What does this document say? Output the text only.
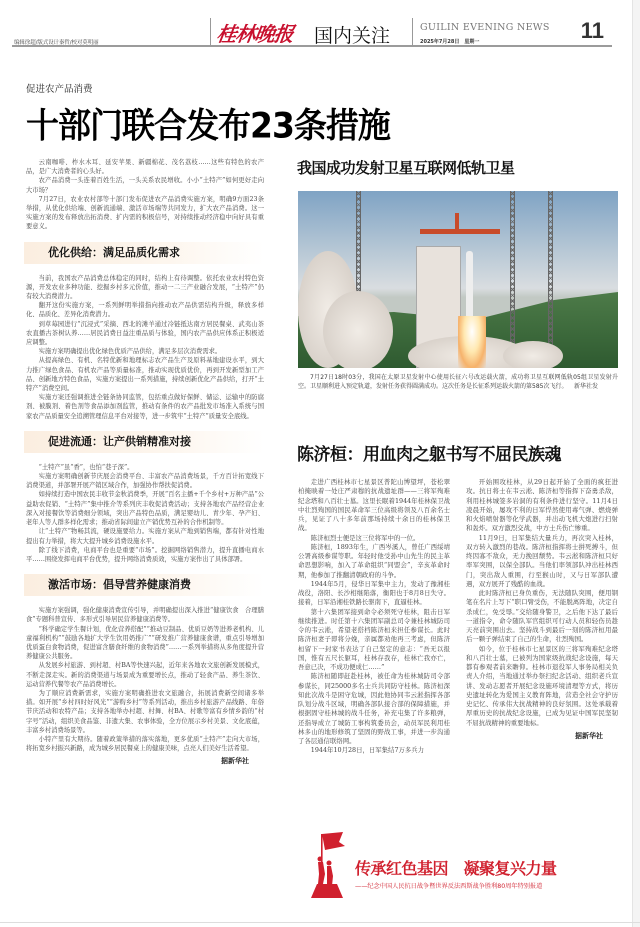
编辑徐超/版式设计秦哲/校对莫明丽	桂林晚报 国内关注	GUILIN EVENING NEWS
2025年7月28日　星期一	11
促进农产品消费
十部门联合发布23条措施

云南咖啡、柞水木耳、延安苹果、新疆棉花、茂名荔枝……这些有特色的农产品，是广大消费者的心头好。

农产品消费一头连着百姓生活，一头关系农民增收。小小“土特产”如何更好走向大市场？

7月27日，农业农村部等十部门发布促进农产品消费实施方案，明确9方面23条举措，从优化供给端、创新流通端、激活市场端等共同发力，扩大农产品消费。这一实施方案的发布释放出拓消费、扩内需的积极信号，对持续推动经济稳中向好具有重要意义。

优化供给：满足品质化需求

当前，我国农产品消费总体稳定的同时，结构上有待调整。依托农业农村特色资源，开发农业多种功能、挖掘乡村多元价值，推动一二三产业融合发展，“土特产”仍有较大消费潜力。

翻开这份实施方案，一系列鲜明举措指向推动农产品供需结构升级，释放多样化、品质化、差异化消费潜力。

到草莓园进行“沉浸式”采摘、西北的滩羊通过冷链抵达南方居民餐桌、武夷山茶农直播古茶树认养……居民消费日益注重品质与体验，国内农产品供应体系正积极适应调整。

实施方案明确提出优化绿色优质产品供给，满足多层次消费需求。

从提高绿色、有机、名特优新和地理标志农产品生产及原料基地建设水平，到大力推广绿色食品、有机农产品等质量标准，推动实现优质优价，再到开发新型加工产品、创新地方特色食品，实施方案提出一系列措施，持续创新优化产品供给，打开“土特产”消费空间。

实施方案还强调推进全链条协同监管，包括重点做好保鲜、储运、运输中的防腐剂、被膜剂、着色剂等食品添加剂监管，推动有条件的农产品批发市场准入系统与国家农产品质量安全追溯管理信息平台对接等，进一步筑牢“土特产”质量安全底线。

促进流通：让产供销精准对接

“土特产”虽“香”，也怕“巷子深”。

实施方案明确创新节庆展会消费平台、丰富农产品消费场景，千方百计拓宽线下消费渠道，并部署开展产销区域合作，加强协作帮扶促消费。

如持续打造中国农民丰收节金秋消费季，开展“百名主播+千个乡村+万种产品”公益助农促销、“土特产”集中推介等系列庆丰收促消费活动；支持各地农产品经营企业深入对接餐饮等消费细分领域，突出产品特色品质，满足婴幼儿、青少年、孕产妇、老年人等人群多样化需求；推动省际间建立产销优势互补的合作机制等。

让“土特产”物畅其流，硬设施要给力。实施方案从产地到销售端，都有针对性地提出有力举措，将大大提升城乡消费设施水平。

除了线下消费，电商平台也是重要“市场”。挖掘网络销售潜力，提升直播电商水平……围绕发挥电商平台优势，提升网络消费质效，实施方案作出了具体部署。

激活市场：倡导营养健康消费

实施方案强调，强化健康消费宣传引导，并明确提出深入推进“健康饮食　合理膳食”专题科普宣传、多形式引导居民营养健康消费等。

“科学确定学生餐计划，优化营养搭配”“推动豆制品、优质豆奶等进养老机构、儿童福利机构”“鼓励各地扩大学生饮用奶推广”“研发推广营养健康食谱，重点引导增加优质蛋白食物消费，促进富含膳食纤维的食物消费”……一系列举措将从多角度提升营养健康公共服务。

从发展乡村旅游、到村超、村BA等快速兴起，近年来各地农文旅创新发展模式，不断走深走实。新的消费渠道与场景成为重要增长点，推动了轻食产品、养生茶饮、运动营养代餐等农产品消费增长。

为了顺应消费新需求，实施方案明确推进农文旅融合，拓展消费新空间诸多举措。如开展“乡村四时好风光”“游购乡村”等系列活动，推出乡村旅游产品线路、年俗节庆活动和农特产品；支持各地举办村超、村舞、村BA、村歌等富有乡情乡韵的“村字号”活动，组织美食品鉴、非遗大集、农事体验，全方位展示乡村美景、文化底蕴，丰富乡村消费场景等。

小特产里有大期待。随着政策举措的落实落地，更多优质“土特产”走向大市场，将拓宽乡村振兴新路，成为城乡居民餐桌上的健康美味，点亮人们美好生活希望。

据新华社

我国成功发射卫星互联网低轨卫星
7月27日18时03分，我国在太原卫星发射中心使用长征六号改运载火箭，成功将卫星互联网低轨05组卫星发射升空。卫星顺利进入预定轨道，发射任务获得圆满成功。这次任务是长征系列运载火箭的第585次飞行。	新华社发
陈济桓：用血肉之躯书写不屈民族魂

走进广西桂林市七星景区普陀山博望坪，苍松翠柏掩映着一处庄严肃穆的抗战遗址群——三将军殉难纪念塔和八百壮士墓。这里长眠着1944年桂林保卫战中壮烈殉国的国民革命军三位高级将领及八百余名士兵，见证了八十多年前那场持续十余日的桂林保卫战。

陈济桓烈士便是这三位将军中的一位。

陈济桓，1893年生，广西岑溪人，曾任广西绥靖公署高级参谋等职。年轻时他受孙中山先生的民主革命思想影响，加入了革命组织“同盟会”，辛亥革命时期，他参加了推翻清朝政府的斗争。

1944年5月，侵华日军集中主力，发动了豫湘桂战役，洛阳、长沙相继陷落，衡阳也于8月8日失守。接着，日军沿湘桂铁路长驱南下，直逼桂林。

第十六集团军接到命令必须死守桂林，阻击日军继续推进。时任第十六集团军副总司令兼桂林城防司令的韦云淞，希望老搭档陈济桓来担任参谋长。此时陈济桓妻子即将分娩，亲属都劝他再三考虑，但陈济桓留下一封家书表达了自己坚定的意志：“吾无以报国，惟有五尺长躯耳，桂林存我存，桂林亡我亦亡，吾意已决，不成功便成仁……”

陈济桓随即赶赴桂林，被任命为桂林城防司令部参谋长，同25000多名士兵共同防守桂林。陈济桓深知此次战斗是困守危城，因此他协同韦云淞指挥各部队划分战斗区域，明确各部队接合部的保障措施，并根据固守桂林城的战斗任务，补充屯集了许多粮弹，还指导成立了城防工事构筑委员会，动员军民利用桂林多山的地形修筑了坚固的野战工事，并进一步沟通了各层通信联络网。

1944年10月28日，日军集结7万多兵力

开始围攻桂林，从29日起开始了全面的疯狂进攻。抗日将士在韦云淞、陈济桓等指挥下奋勇杀敌，利用桂林城签多岩洞的有利条件进行坚守。11月4日凌晨开始，屡攻不利的日军悍然使用毒气弹、燃烧弹和火焰喷射器等化学武器，并出动飞机大炮进行扫射和轰炸。双方激烈交战，中方士兵伤亡惨重。

11月9日，日军集结大量兵力，再次突入桂林，双方转入激烈的巷战。陈济桓指挥将士拼死搏斗，但终因寡不敌众，无力挽回颓势。韦云淞和陈济桓只好率军突围，以保全部队。当他们率领部队冲出桂林西门，突出敌人重围，行至猴山时，又与日军部队遭遇，双方展开了残酷的血战。

此时陈济桓已身负重伤，无法随队突围，便用钢笔在名片上写下“职口臂受伤，不能脱离阵地，决定自杀成仁，免受辱。”交给随身警卫，之后他下达了最后一道指令，命令随队军官组织可行动人员和轻伤员趁天亮前突围出去。坚持战斗到最后一刻的陈济桓用最后一颗子弹结束了自己的生命，壮烈殉国。

如今，位于桂林市七星景区的三将军殉难纪念塔和八百壮士墓，已被列为国家级抗战纪念设施，每天都有参观者前来瞻仰。桂林市退役军人事务局相关负责人介绍，当地通过举办祭扫纪念活动、组织老兵宣讲、发动志愿者开展纪念设施环境清理等方式，将历史遗址转化为爱国主义教育阵地，营造全社会守护历史记忆、传承伟大抗战精神的良好氛围。这处承载着厚重历史的抗战纪念设施，已成为见证中国军民坚韧不屈抗战精神的重要地标。

据新华社

传承红色基因　凝聚复兴力量
——纪念中国人民抗日战争暨世界反法西斯战争胜利80周年特别报道
